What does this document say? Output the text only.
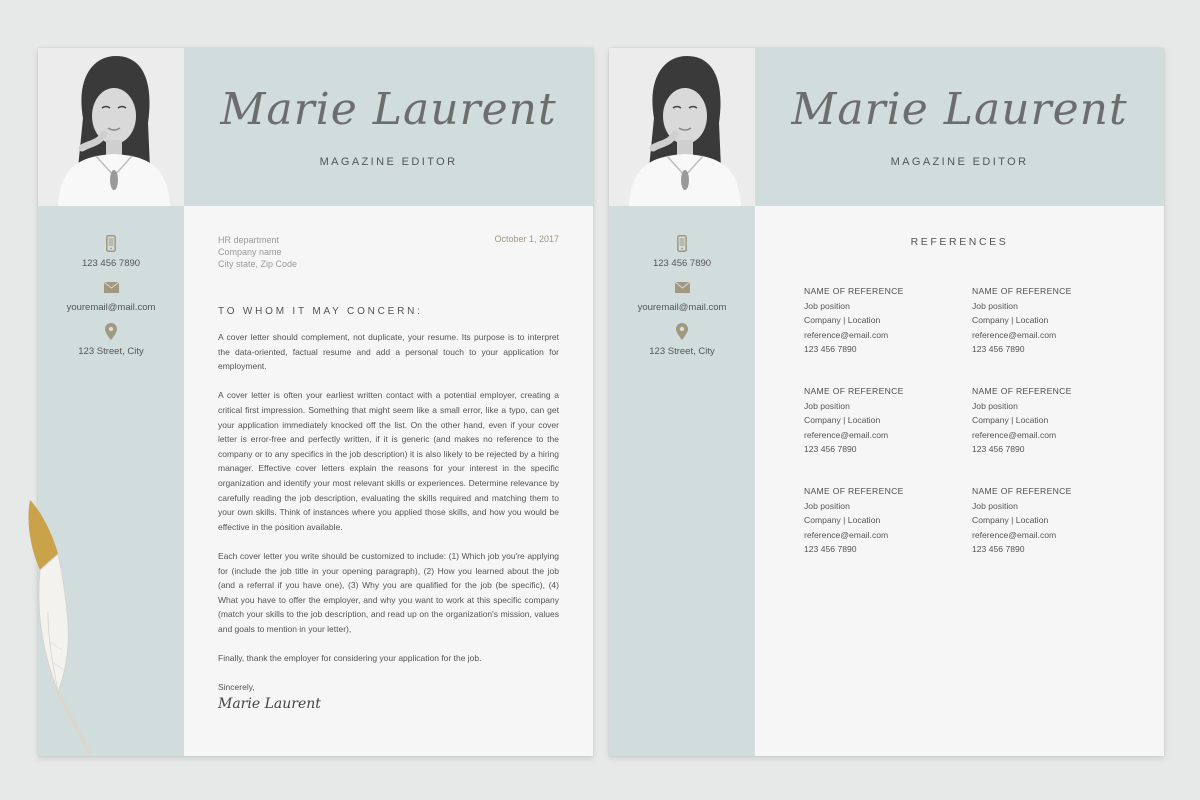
Marie Laurent
MAGAZINE EDITOR
123 456 7890
youremail@mail.com
123 Street, City
HR department
Company name
City state, Zip Code
October 1, 2017
TO WHOM IT MAY CONCERN:

A cover letter should complement, not duplicate, your resume. Its purpose is to interpret the data-oriented, factual resume and add a personal touch to your application for employment.

A cover letter is often your earliest written contact with a potential employer, creating a critical first impression. Something that might seem like a small error, like a typo, can get your application immediately knocked off the list. On the other hand, even if your cover letter is error-free and perfectly written, if it is generic (and makes no reference to the company or to any specifics in the job description) it is also likely to be rejected by a hiring manager. Effective cover letters explain the reasons for your interest in the specific organization and identify your most relevant skills or experiences. Determine relevance by carefully reading the job description, evaluating the skills required and matching them to your own skills. Think of instances where you applied those skills, and how you would be effective in the position available.

Each cover letter you write should be customized to include: (1) Which job you're applying for (include the job title in your opening paragraph), (2) How you learned about the job (and a referral if you have one), (3) Why you are qualified for the job (be specific), (4) What you have to offer the employer, and why you want to work at this specific company (match your skills to the job description, and read up on the organization's mission, values and goals to mention in your letter),

Finally, thank the employer for considering your application for the job.

Sincerely,

Marie Laurent
Marie Laurent
MAGAZINE EDITOR
123 456 7890
youremail@mail.com
123 Street, City
REFERENCES
NAME OF REFERENCE
Job position
Company | Location
reference@email.com
123 456 7890
NAME OF REFERENCE
Job position
Company | Location
reference@email.com
123 456 7890
NAME OF REFERENCE
Job position
Company | Location
reference@email.com
123 456 7890
NAME OF REFERENCE
Job position
Company | Location
reference@email.com
123 456 7890
NAME OF REFERENCE
Job position
Company | Location
reference@email.com
123 456 7890
NAME OF REFERENCE
Job position
Company | Location
reference@email.com
123 456 7890
